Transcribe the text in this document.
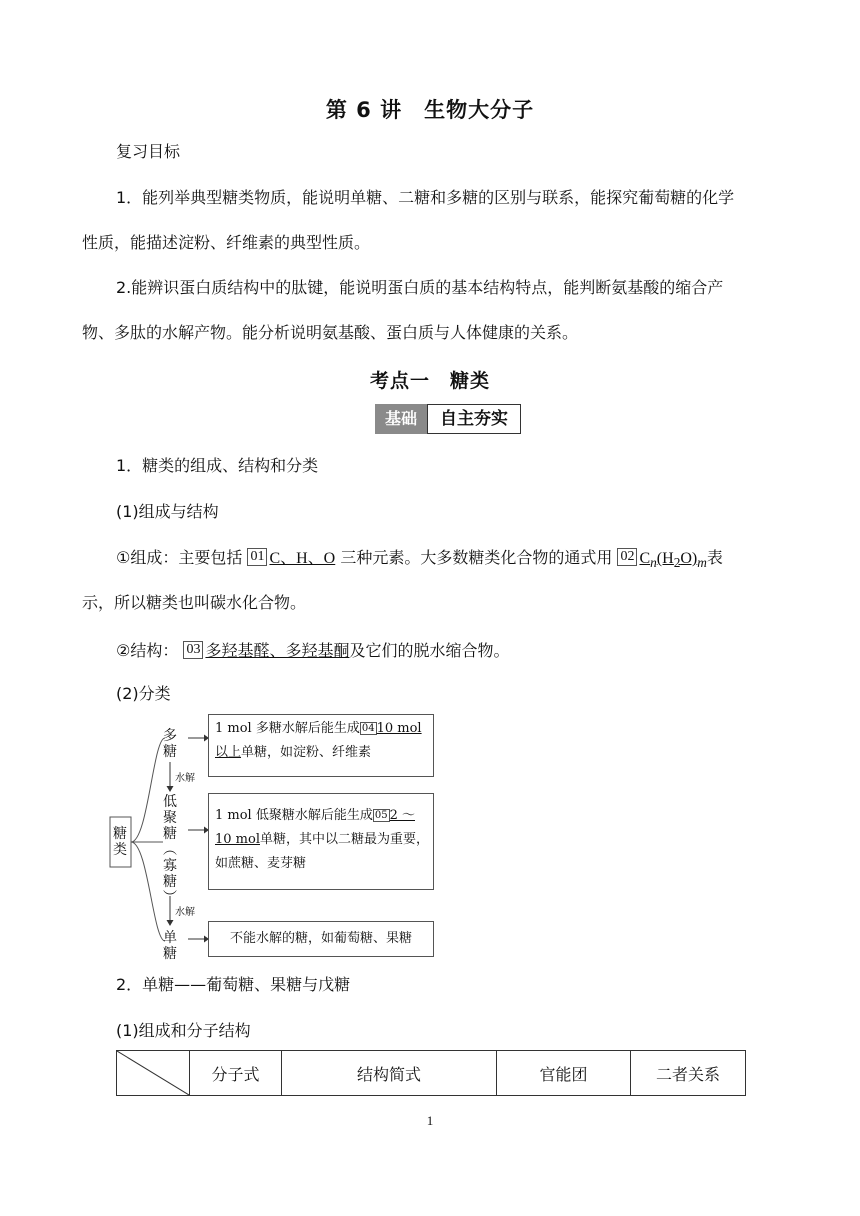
第 6 讲　生物大分子
复习目标
1．能列举典型糖类物质，能说明单糖、二糖和多糖的区别与联系，能探究葡萄糖的化学
性质，能描述淀粉、纤维素的典型性质。
2.能辨识蛋白质结构中的肽键，能说明蛋白质的基本结构特点，能判断氨基酸的缩合产
物、多肽的水解产物。能分析说明氨基酸、蛋白质与人体健康的关系。
考点一　糖类
基础	自主夯实
1．糖类的组成、结构和分类
(1)组成与结构
①组成：主要包括 01 C、H、O 三种元素。大多数糖类化合物的通式用 02 $C_n(H_2O)_m$表
示，所以糖类也叫碳水化合物。
②结构： 03 多羟基醛、多羟基酮及它们的脱水缩合物。
(2)分类
糖
类
多
糖
水解
低
聚
糖
︵
寡
糖
︶
水解
单
糖
1 mol 多糖水解后能生成 04 10 mol
以上单糖，如淀粉、纤维素
1 mol 低聚糖水解后能生成 05 2 ～
10 mol单糖，其中以二糖最为重要，
如蔗糖、麦芽糖
不能水解的糖，如葡萄糖、果糖
2．单糖——葡萄糖、果糖与戊糖
(1)组成和分子结构
	分子式	结构简式	官能团	二者关系
1
